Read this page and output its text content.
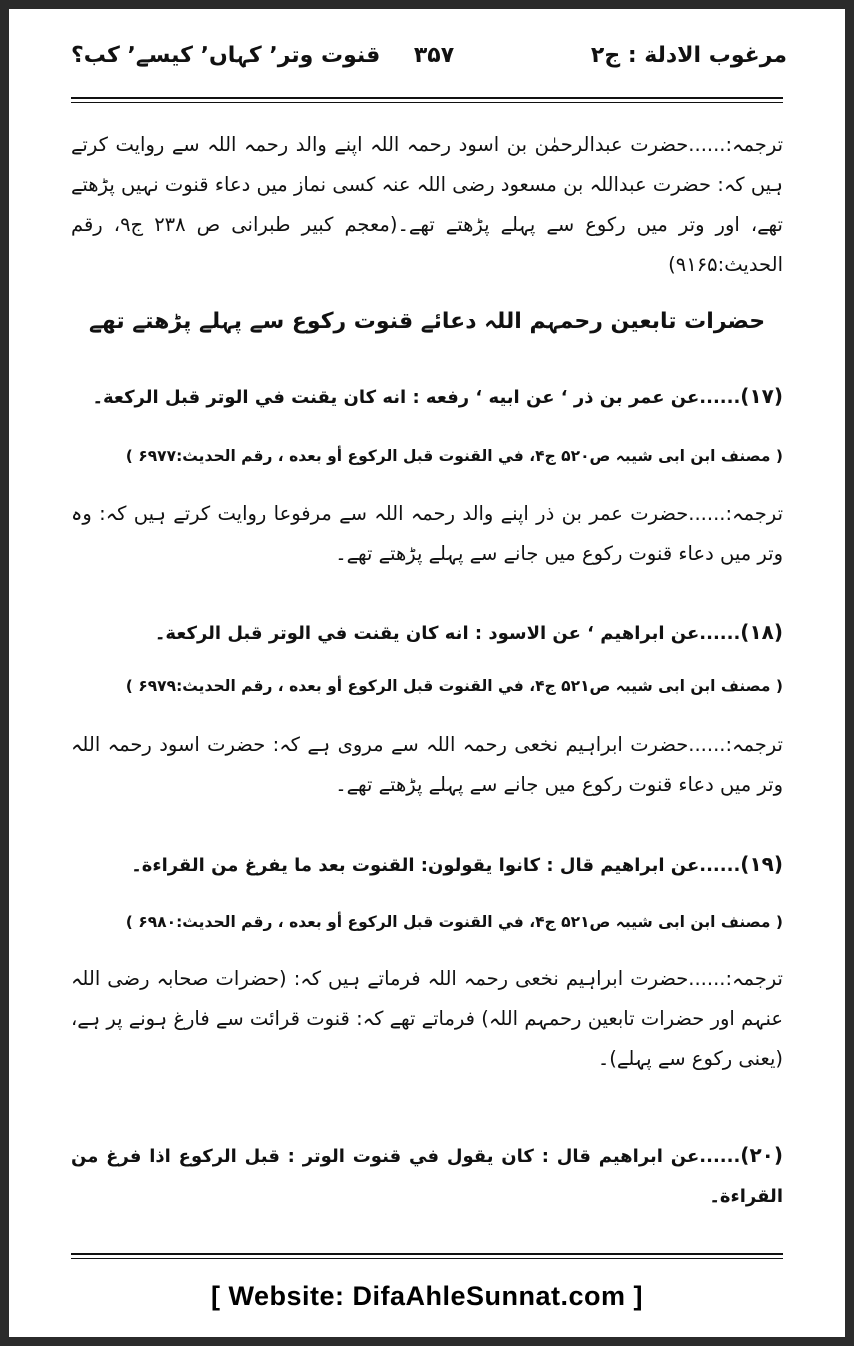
مرغوب الادلة : ج۲
۳۵۷
قنوت وتر٬ کہاں٬ کیسے٬ کب؟
ترجمہ:......حضرت عبدالرحمٰن بن اسود رحمہ اللہ اپنے والد رحمہ اللہ سے روایت کرتے ہیں کہ: حضرت عبداللہ بن مسعود رضی اللہ عنہ کسی نماز میں دعاء قنوت نہیں پڑھتے تھے، اور وتر میں رکوع سے پہلے پڑھتے تھے۔(معجم کبیر طبرانی ص ۲۳۸ ج۹، رقم الحدیث:۹۱۶۵)
حضرات تابعین رحمہم اللہ دعائے قنوت رکوع سے پہلے پڑھتے تھے
(۱۷)......عن عمر بن ذر ‘ عن ابيه ‘ رفعه : انه كان يقنت في الوتر قبل الركعة۔
( مصنف ابن ابی شیبہ ص۵۲۰ ج۴، في القنوت قبل الركوع أو بعده ، رقم الحديث:۶۹۷۷ )
ترجمہ:......حضرت عمر بن ذر اپنے والد رحمہ اللہ سے مرفوعا روایت کرتے ہیں کہ: وہ وتر میں دعاء قنوت رکوع میں جانے سے پہلے پڑھتے تھے۔
(۱۸)......عن ابراهيم ‘ عن الاسود : انه كان يقنت في الوتر قبل الركعة۔
( مصنف ابن ابی شیبہ ص۵۲۱ ج۴، في القنوت قبل الركوع أو بعده ، رقم الحديث:۶۹۷۹ )
ترجمہ:......حضرت ابراہیم نخعی رحمہ اللہ سے مروی ہے کہ: حضرت اسود رحمہ اللہ وتر میں دعاء قنوت رکوع میں جانے سے پہلے پڑھتے تھے۔
(۱۹)......عن ابراهيم قال : كانوا يقولون: القنوت بعد ما يفرغ من القراءة۔
( مصنف ابن ابی شیبہ ص۵۲۱ ج۴، في القنوت قبل الركوع أو بعده ، رقم الحديث:۶۹۸۰ )
ترجمہ:......حضرت ابراہیم نخعی رحمہ اللہ فرماتے ہیں کہ: (حضرات صحابہ رضی اللہ عنہم اور حضرات تابعین رحمہم اللہ) فرماتے تھے کہ: قنوت قرائت سے فارغ ہونے پر ہے، (یعنی رکوع سے پہلے)۔
(۲۰)......عن ابراهيم قال : كان يقول في قنوت الوتر : قبل الركوع اذا فرغ من القراءة۔
[ Website: DifaAhleSunnat.com ]
